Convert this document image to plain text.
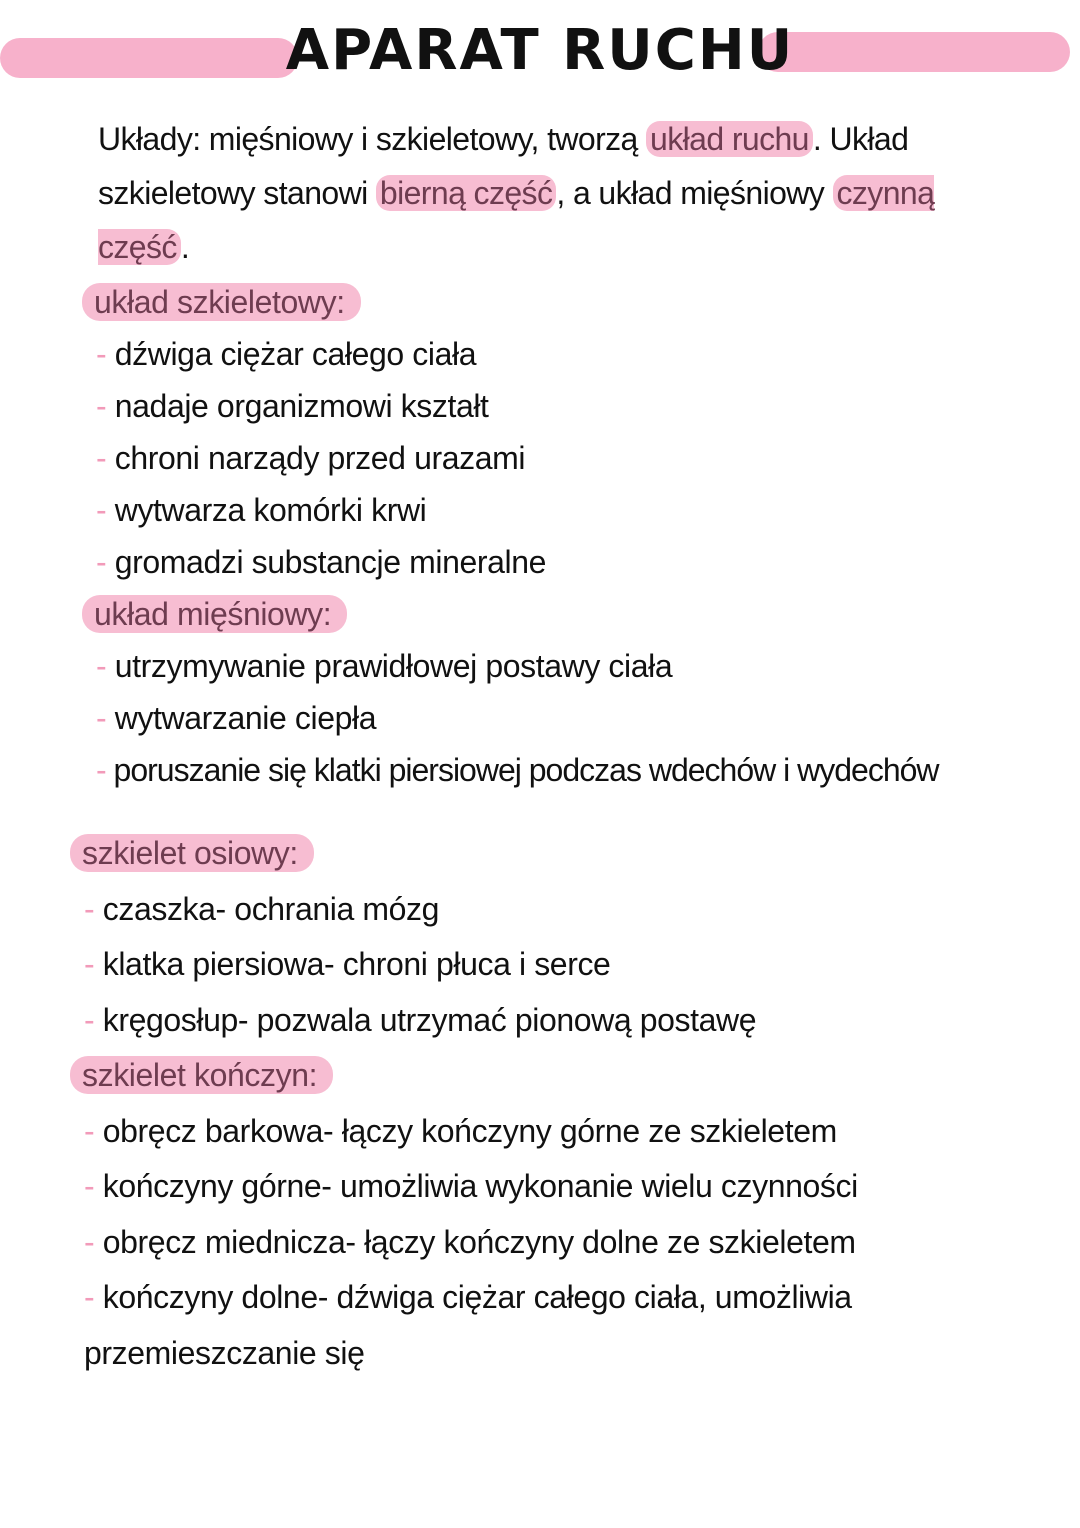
APARAT RUCHU
Układy: mięśniowy i szkieletowy, tworzą układ ruchu . Układ szkieletowy stanowi bierną część , a układ mięśniowy czynną część .
układ szkieletowy:
- dźwiga ciężar całego ciała
- nadaje organizmowi kształt
- chroni narządy przed urazami
- wytwarza komórki krwi
- gromadzi substancje mineralne
układ mięśniowy:
- utrzymywanie prawidłowej postawy ciała
- wytwarzanie ciepła
- poruszanie się klatki piersiowej podczas wdechów i wydechów
szkielet osiowy:
- czaszka- ochrania mózg
- klatka piersiowa- chroni płuca i serce
- kręgosłup- pozwala utrzymać pionową postawę
szkielet kończyn:
- obręcz barkowa- łączy kończyny górne ze szkieletem
- kończyny górne- umożliwia wykonanie wielu czynności
- obręcz miednicza- łączy kończyny dolne ze szkieletem
- kończyny dolne- dźwiga ciężar całego ciała, umożliwia
przemieszczanie się
